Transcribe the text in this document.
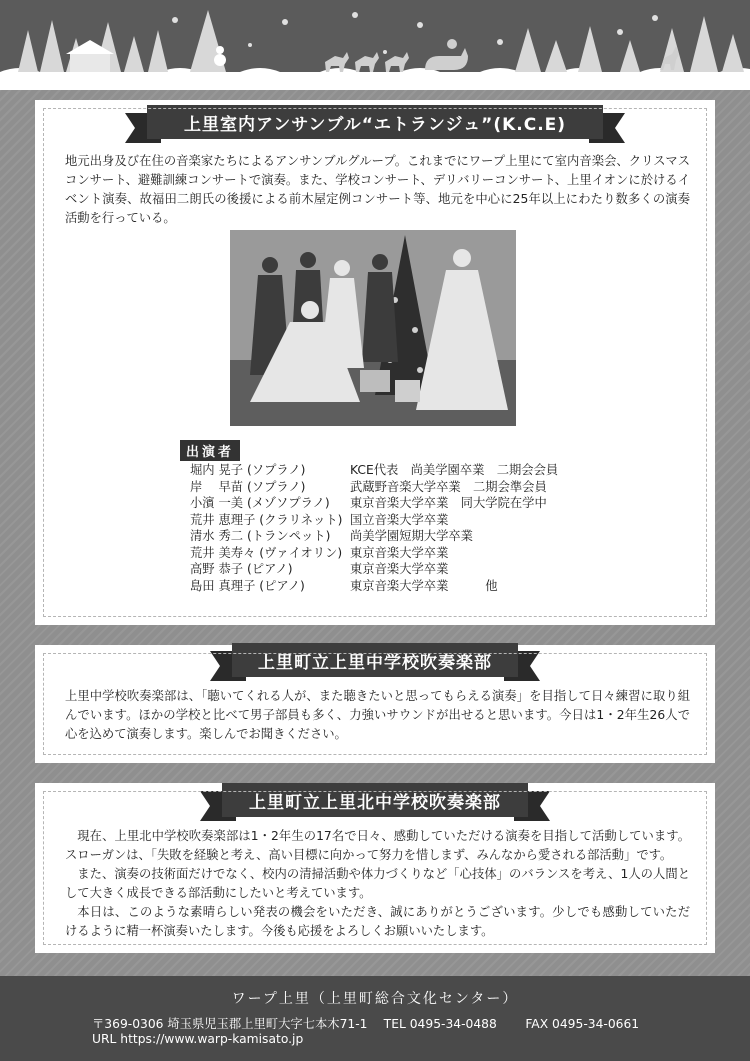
上里室内アンサンブル“エトランジュ”(K.C.E)
地元出身及び在住の音楽家たちによるアンサンブルグループ。これまでにワープ上里にて室内音楽会、クリスマスコンサート、避難訓練コンサートで演奏。また、学校コンサート、デリバリーコンサート、上里イオンに於けるイベント演奏、故福田二朗氏の後援による前木屋定例コンサート等、地元を中心に25年以上にわたり数多くの演奏活動を行っている。
出演者
堀内 晃子 (ソプラノ)	KCE代表　尚美学園卒業　二期会会員
岸　 早苗 (ソプラノ)	武蔵野音楽大学卒業　二期会準会員
小濱 一美 (メゾソプラノ)	東京音楽大学卒業　同大学院在学中
荒井 恵理子 (クラリネット) 国立音楽大学卒業
清水 秀二 (トランペット)	尚美学園短期大学卒業
荒井 美寿々 (ヴァイオリン) 東京音楽大学卒業
高野 恭子 (ピアノ)	東京音楽大学卒業
島田 真理子 (ピアノ)	東京音楽大学卒業　　　他
上里町立上里中学校吹奏楽部
上里中学校吹奏楽部は、「聴いてくれる人が、また聴きたいと思ってもらえる演奏」を目指して日々練習に取り組んでいます。ほかの学校と比べて男子部員も多く、力強いサウンドが出せると思います。今日は1・2年生26人で心を込めて演奏します。楽しんでお聞きください。
上里町立上里北中学校吹奏楽部
現在、上里北中学校吹奏楽部は1・2年生の17名で日々、感動していただける演奏を目指して活動しています。スローガンは、「失敗を経験と考え、高い目標に向かって努力を惜しまず、みんなから愛される部活動」です。
また、演奏の技術面だけでなく、校内の清掃活動や体力づくりなど「心技体」のバランスを考え、1人の人間として大きく成長できる部活動にしたいと考えています。
本日は、このような素晴らしい発表の機会をいただき、誠にありがとうございます。少しでも感動していただけるように精一杯演奏いたします。今後も応援をよろしくお願いいたします。
ワープ上里（上里町総合文化センター）
〒369-0306 埼玉県児玉郡上里町大字七本木71-1　 TEL 0495-34-0488　　 FAX 0495-34-0661
URL https://www.warp-kamisato.jp
